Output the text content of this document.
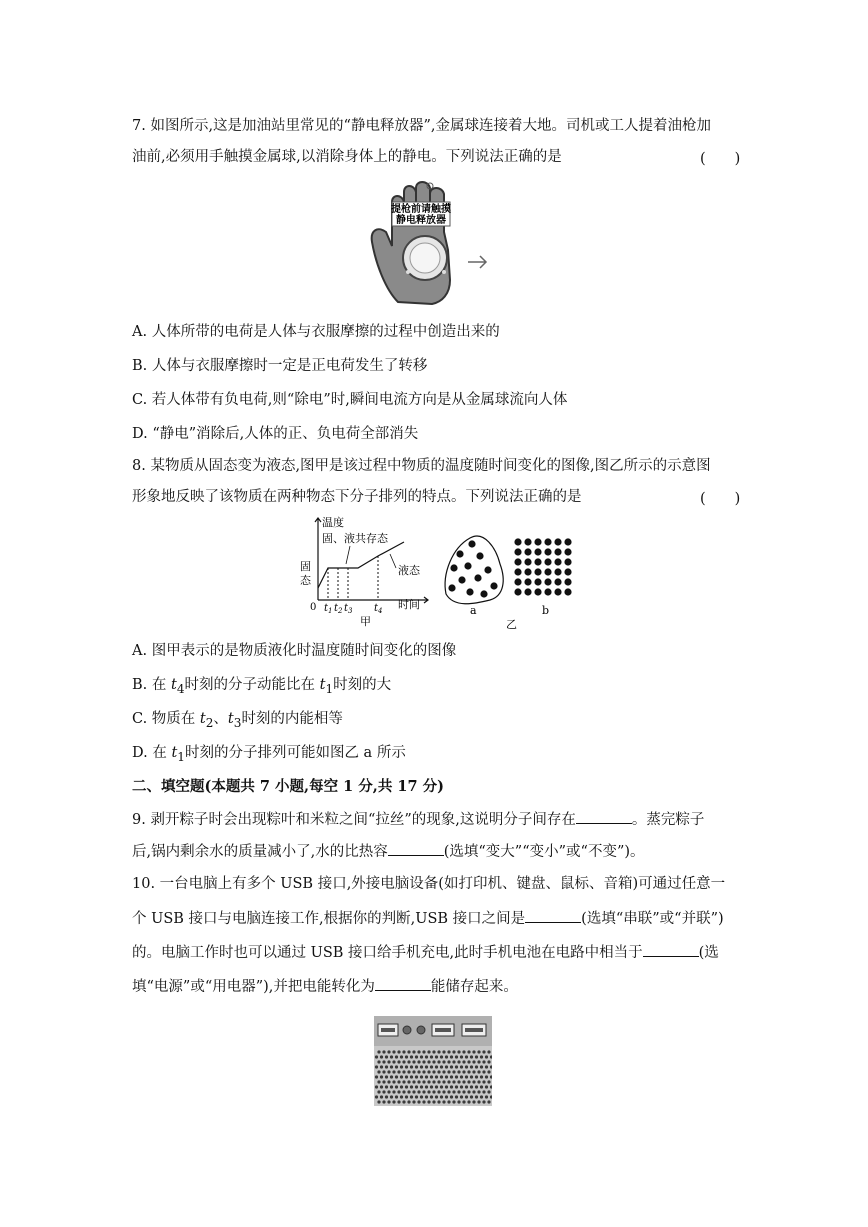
7. 如图所示,这是加油站里常见的“静电释放器”,金属球连接着大地。司机或工人提着油枪加
油前,必须用手触摸金属球,以消除身体上的静电。下列说法正确的是	(　　)
提枪前请触摸
静电释放器
A. 人体所带的电荷是人体与衣服摩擦的过程中创造出来的
B. 人体与衣服摩擦时一定是正电荷发生了转移
C. 若人体带有负电荷,则“除电”时,瞬间电流方向是从金属球流向人体
D. “静电”消除后,人体的正、负电荷全部消失
8. 某物质从固态变为液态,图甲是该过程中物质的温度随时间变化的图像,图乙所示的示意图
形象地反映了该物质在两种物态下分子排列的特点。下列说法正确的是	(　　)
温度
时间
0
固
态
固、液共存态
液态
$t_1$ $t_2$ $t_3$ $t_4$
甲
a	b
乙
A. 图甲表示的是物质液化时温度随时间变化的图像
B. 在 $t_4$时刻的分子动能比在 $t_1$时刻的大
C. 物质在 $t_2$、$t_3$时刻的内能相等
D. 在 $t_1$时刻的分子排列可能如图乙 a 所示
二、填空题(本题共 7 小题,每空 1 分,共 17 分)
9. 剥开粽子时会出现粽叶和米粒之间“拉丝”的现象,这说明分子间存在	。蒸完粽子
后,锅内剩余水的质量减小了,水的比热容	(选填“变大”“变小”或“不变”)。
10. 一台电脑上有多个 USB 接口,外接电脑设备(如打印机、键盘、鼠标、音箱)可通过任意一
个 USB 接口与电脑连接工作,根据你的判断,USB 接口之间是	(选填“串联”或“并联”)
的。电脑工作时也可以通过 USB 接口给手机充电,此时手机电池在电路中相当于	(选
填“电源”或“用电器”),并把电能转化为	能储存起来。
